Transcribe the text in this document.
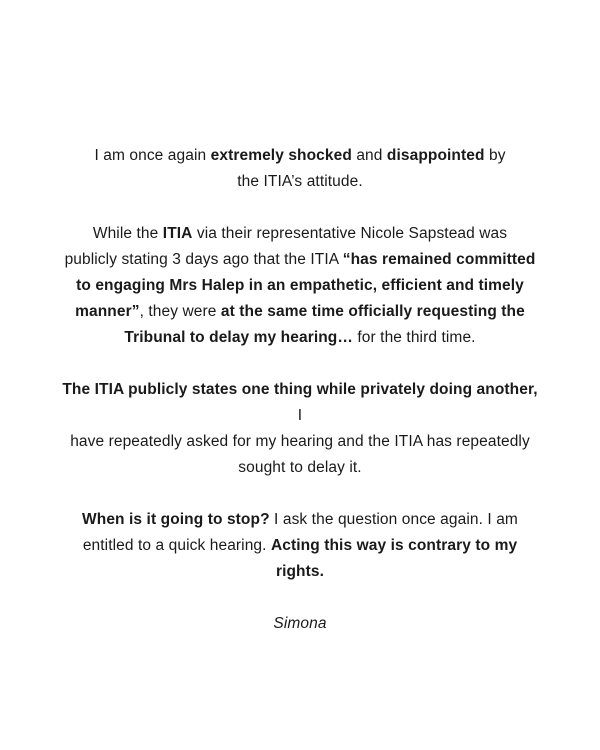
I am once again extremely shocked and disappointed by
the ITIA’s attitude.
While the ITIA via their representative Nicole Sapstead was
publicly stating 3 days ago that the ITIA “has remained committed
to engaging Mrs Halep in an empathetic, efficient and timely
manner”, they were at the same time officially requesting the
Tribunal to delay my hearing… for the third time.
The ITIA publicly states one thing while privately doing another, I
have repeatedly asked for my hearing and the ITIA has repeatedly
sought to delay it.
When is it going to stop? I ask the question once again. I am
entitled to a quick hearing. Acting this way is contrary to my
rights.
Simona
